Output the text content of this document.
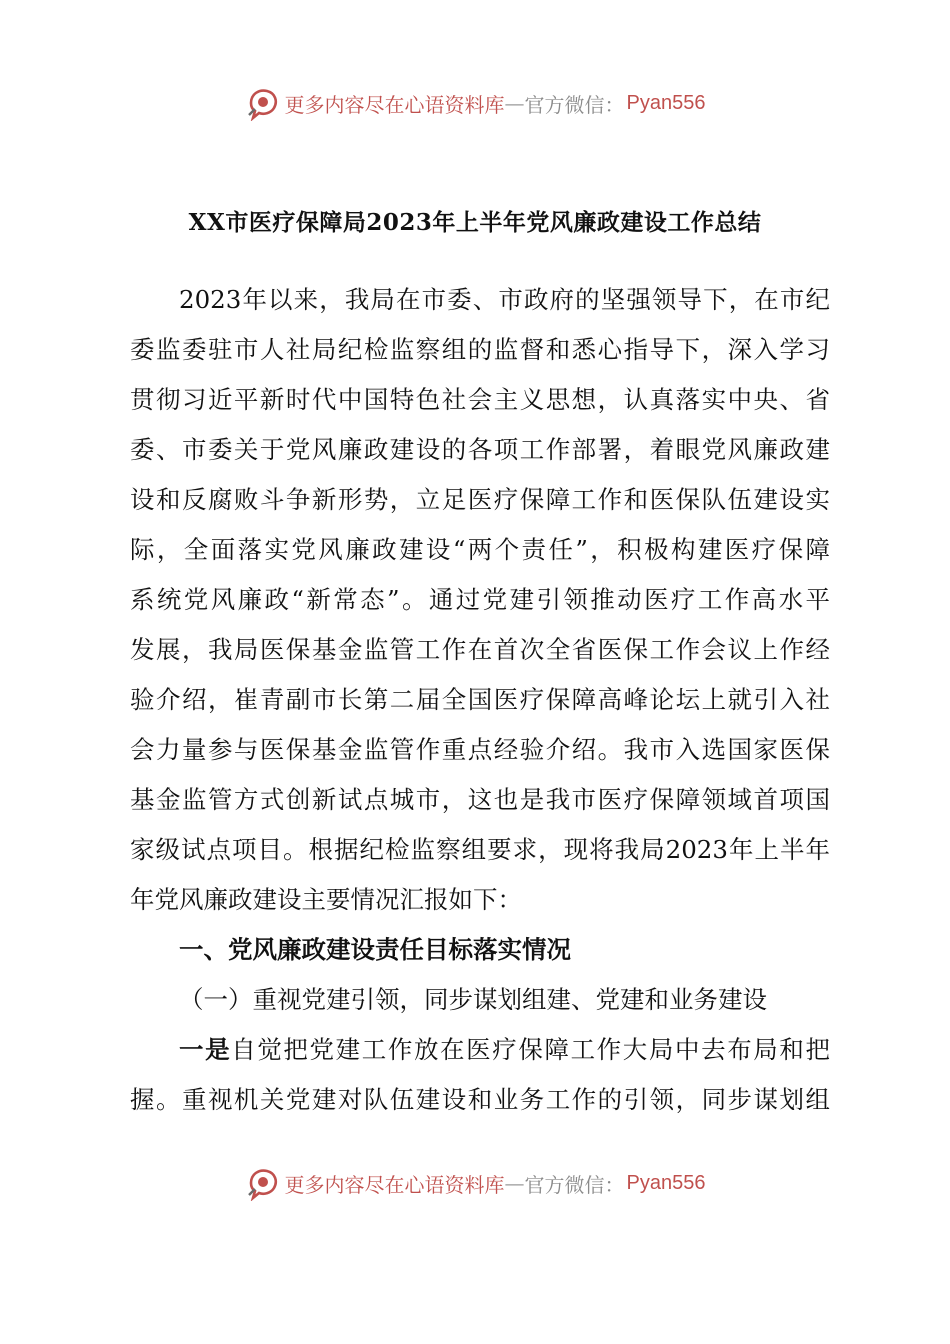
更多内容尽在心语资料库 — 官方微信： Pyan556
XX市医疗保障局2023年上半年党风廉政建设工作总结
2023年以来，我局在市委、市政府的坚强领导下，在市纪
委监委驻市人社局纪检监察组的监督和悉心指导下，深入学习
贯彻习近平新时代中国特色社会主义思想，认真落实中央、省
委、市委关于党风廉政建设的各项工作部署，着眼党风廉政建
设和反腐败斗争新形势，立足医疗保障工作和医保队伍建设实
际，全面落实党风廉政建设“两个责任”，积极构建医疗保障
系统党风廉政“新常态”。通过党建引领推动医疗工作高水平
发展，我局医保基金监管工作在首次全省医保工作会议上作经
验介绍，崔青副市长第二届全国医疗保障高峰论坛上就引入社
会力量参与医保基金监管作重点经验介绍。我市入选国家医保
基金监管方式创新试点城市，这也是我市医疗保障领域首项国
家级试点项目。根据纪检监察组要求，现将我局2023年上半年
年党风廉政建设主要情况汇报如下：
一、党风廉政建设责任目标落实情况
（一）重视党建引领，同步谋划组建、党建和业务建设
一是自觉把党建工作放在医疗保障工作大局中去布局和把
握。重视机关党建对队伍建设和业务工作的引领，同步谋划组
更多内容尽在心语资料库 — 官方微信： Pyan556
